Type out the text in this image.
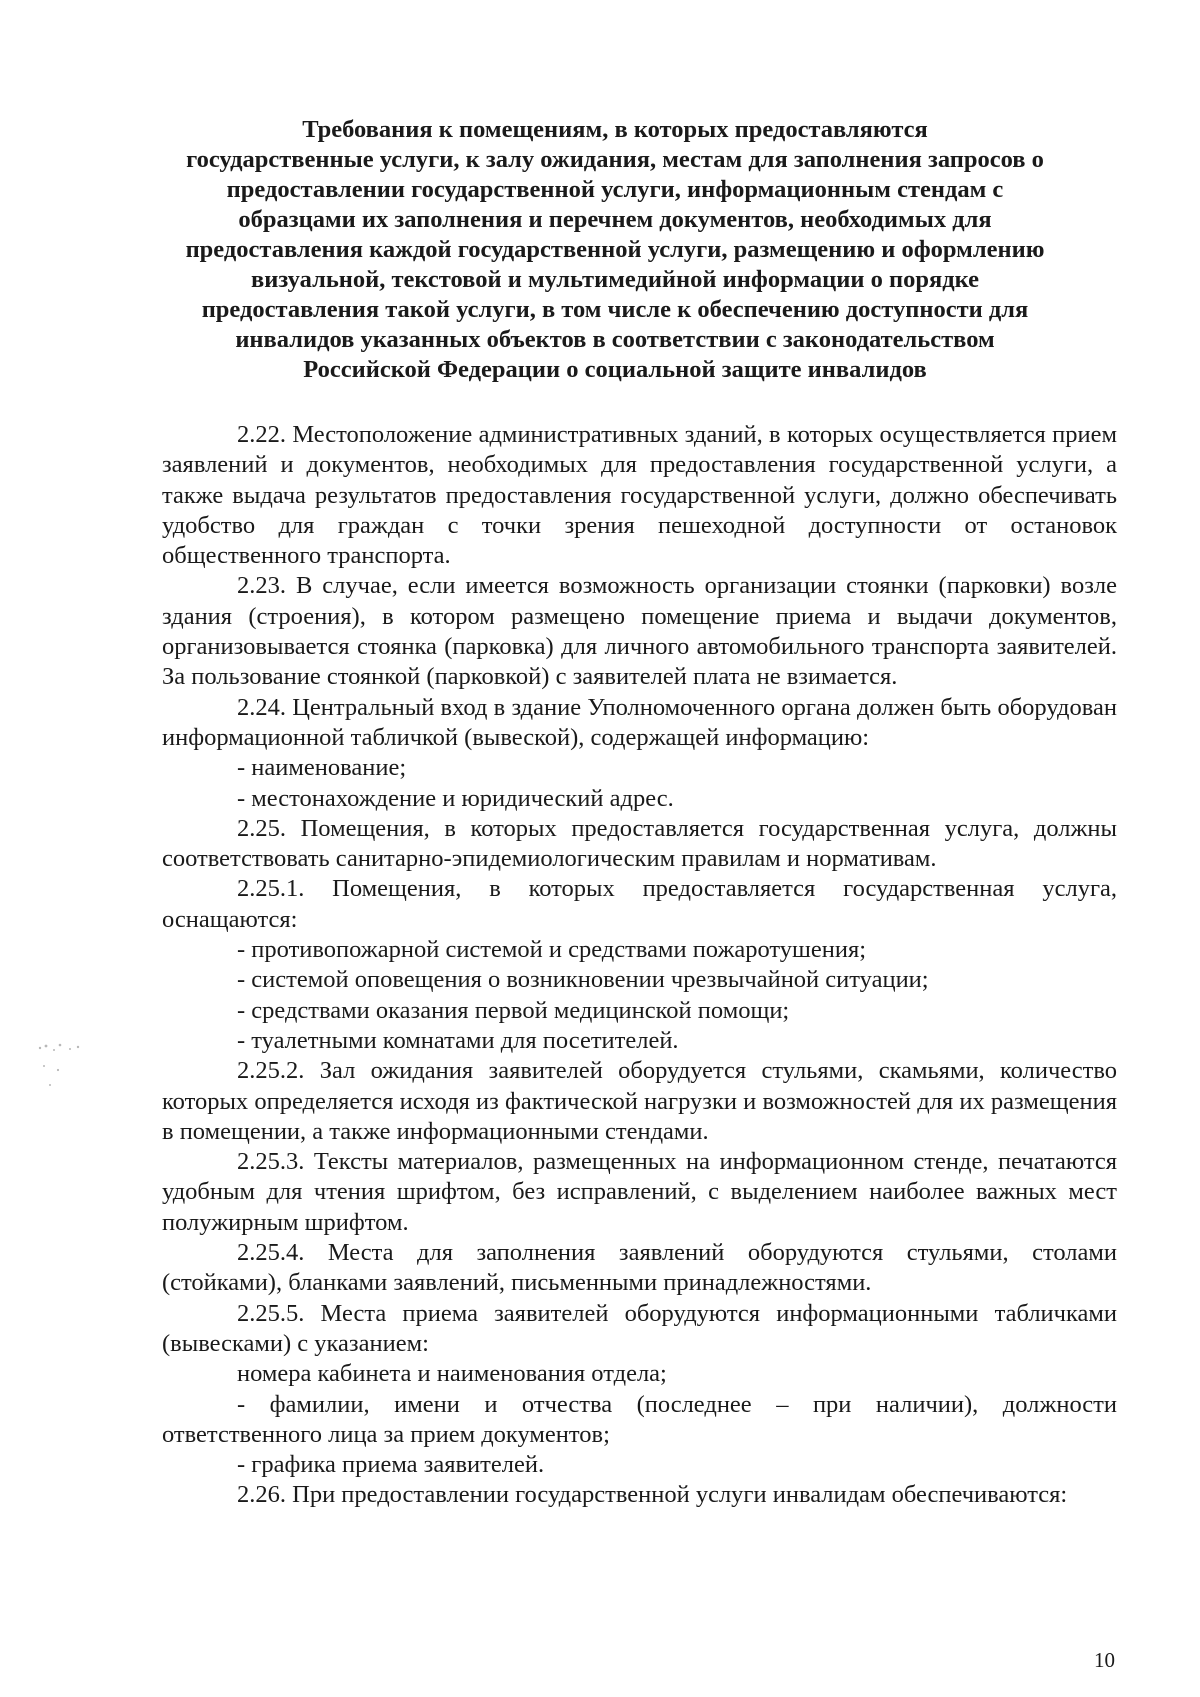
Требования к помещениям, в которых предоставляются
государственные услуги, к залу ожидания, местам для заполнения запросов о
предоставлении государственной услуги, информационным стендам с
образцами их заполнения и перечнем документов, необходимых для
предоставления каждой государственной услуги, размещению и оформлению
визуальной, текстовой и мультимедийной информации о порядке
предоставления такой услуги, в том числе к обеспечению доступности для
инвалидов указанных объектов в соответствии с законодательством
Российской Федерации о социальной защите инвалидов

2.22. Местоположение административных зданий, в которых осуществляется прием заявлений и документов, необходимых для предоставления государственной услуги, а также выдача результатов предоставления государственной услуги, должно обеспечивать удобство для граждан с точки зрения пешеходной доступности от остановок общественного транспорта.

2.23. В случае, если имеется возможность организации стоянки (парковки) возле здания (строения), в котором размещено помещение приема и выдачи документов, организовывается стоянка (парковка) для личного автомобильного транспорта заявителей. За пользование стоянкой (парковкой) с заявителей плата не взимается.

2.24. Центральный вход в здание Уполномоченного органа должен быть оборудован информационной табличкой (вывеской), содержащей информацию:

- наименование;

- местонахождение и юридический адрес.

2.25. Помещения, в которых предоставляется государственная услуга, должны соответствовать санитарно-эпидемиологическим правилам и нормативам.

2.25.1. Помещения, в которых предоставляется государственная услуга, оснащаются:

- противопожарной системой и средствами пожаротушения;

- системой оповещения о возникновении чрезвычайной ситуации;

- средствами оказания первой медицинской помощи;

- туалетными комнатами для посетителей.

2.25.2. Зал ожидания заявителей оборудуется стульями, скамьями, количество которых определяется исходя из фактической нагрузки и возможностей для их размещения в помещении, а также информационными стендами.

2.25.3. Тексты материалов, размещенных на информационном стенде, печатаются удобным для чтения шрифтом, без исправлений, с выделением наиболее важных мест полужирным шрифтом.

2.25.4. Места для заполнения заявлений оборудуются стульями, столами (стойками), бланками заявлений, письменными принадлежностями.

2.25.5. Места приема заявителей оборудуются информационными табличками (вывесками) с указанием:

номера кабинета и наименования отдела;

- фамилии, имени и отчества (последнее – при наличии), должности ответственного лица за прием документов;

- графика приема заявителей.

2.26. При предоставлении государственной услуги инвалидам обеспечиваются:

10
